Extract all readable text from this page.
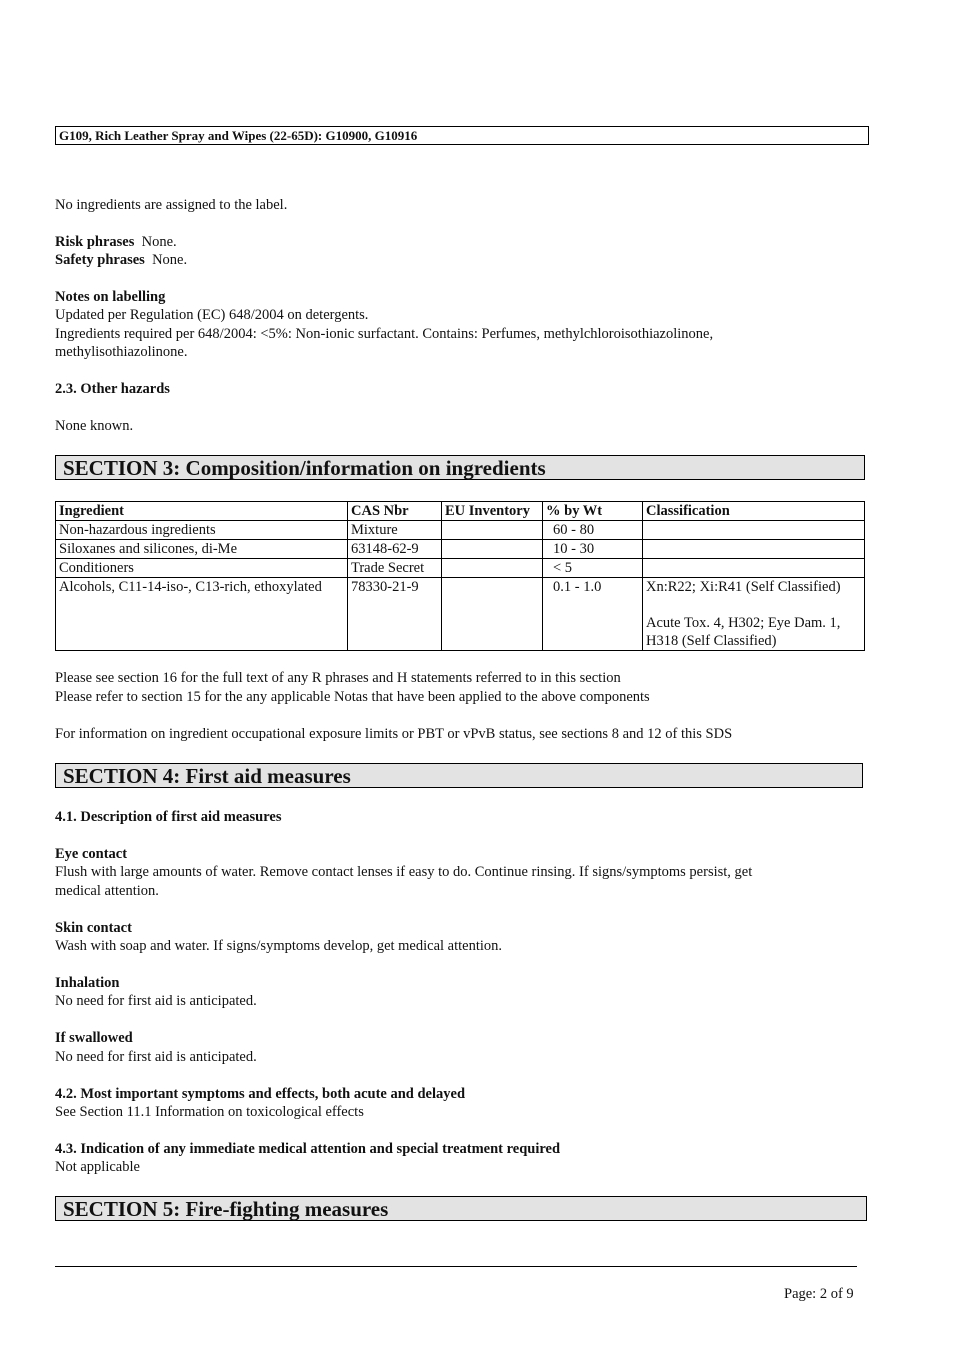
G109, Rich Leather Spray and Wipes (22-65D): G10900, G10916
No ingredients are assigned to the label.
Risk phrases None.
Safety phrases None.
Notes on labelling
Updated per Regulation (EC) 648/2004 on detergents.
Ingredients required per 648/2004: <5%: Non-ionic surfactant. Contains: Perfumes, methylchloroisothiazolinone,
methylisothiazolinone.
2.3. Other hazards
None known.
SECTION 3: Composition/information on ingredients
Ingredient	CAS Nbr	EU Inventory	% by Wt	Classification
Non-hazardous ingredients	Mixture		60 - 80	
Siloxanes and silicones, di-Me	63148-62-9		10 - 30	
Conditioners	Trade Secret		< 5	
Alcohols, C11-14-iso-, C13-rich, ethoxylated	78330-21-9		0.1 - 1.0	Xn:R22; Xi:R41 (Self Classified)
Acute Tox. 4, H302; Eye Dam. 1, H318 (Self Classified)
Please see section 16 for the full text of any R phrases and H statements referred to in this section
Please refer to section 15 for the any applicable Notas that have been applied to the above components
For information on ingredient occupational exposure limits or PBT or vPvB status, see sections 8 and 12 of this SDS
SECTION 4: First aid measures
4.1. Description of first aid measures
Eye contact
Flush with large amounts of water. Remove contact lenses if easy to do. Continue rinsing. If signs/symptoms persist, get
medical attention.
Skin contact
Wash with soap and water. If signs/symptoms develop, get medical attention.
Inhalation
No need for first aid is anticipated.
If swallowed
No need for first aid is anticipated.
4.2. Most important symptoms and effects, both acute and delayed
See Section 11.1 Information on toxicological effects
4.3. Indication of any immediate medical attention and special treatment required
Not applicable
SECTION 5: Fire-fighting measures
Page: 2 of 9
